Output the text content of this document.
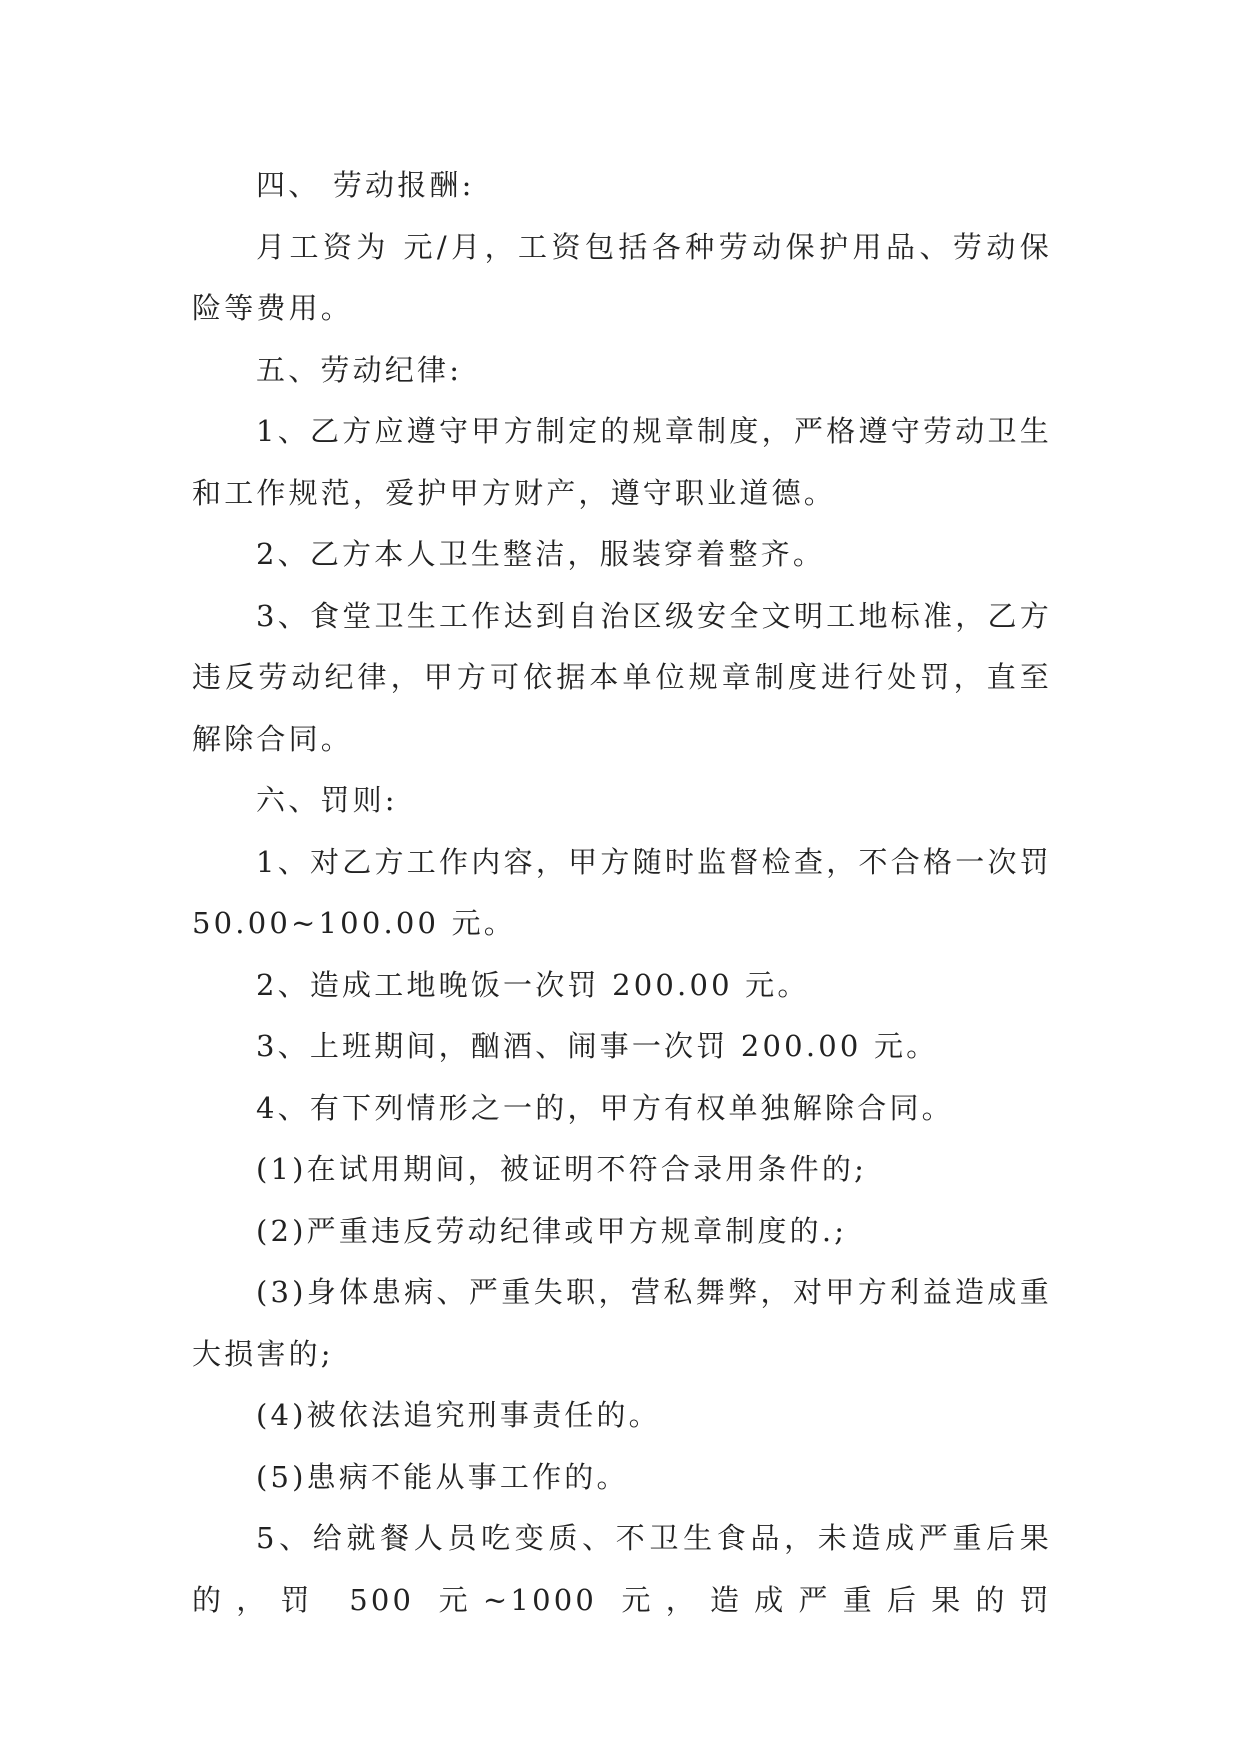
四、 劳动报酬:

月工资为 元/月，工资包括各种劳动保护用品、劳动保险等费用。

五、劳动纪律:

1、乙方应遵守甲方制定的规章制度，严格遵守劳动卫生和工作规范，爱护甲方财产，遵守职业道德。

2、乙方本人卫生整洁，服装穿着整齐。

3、食堂卫生工作达到自治区级安全文明工地标准，乙方违反劳动纪律，甲方可依据本单位规章制度进行处罚，直至解除合同。

六、罚则:

1、对乙方工作内容，甲方随时监督检查，不合格一次罚 50.00~100.00 元。

2、造成工地晚饭一次罚 200.00 元。

3、上班期间，酗酒、闹事一次罚 200.00 元。

4、有下列情形之一的，甲方有权单独解除合同。

(1)在试用期间，被证明不符合录用条件的;

(2)严重违反劳动纪律或甲方规章制度的.;

(3)身体患病、严重失职，营私舞弊，对甲方利益造成重大损害的;

(4)被依法追究刑事责任的。

(5)患病不能从事工作的。

5、给就餐人员吃变质、不卫生食品，未造成严重后果的，罚 500 元~1000 元，造成严重后果的罚
